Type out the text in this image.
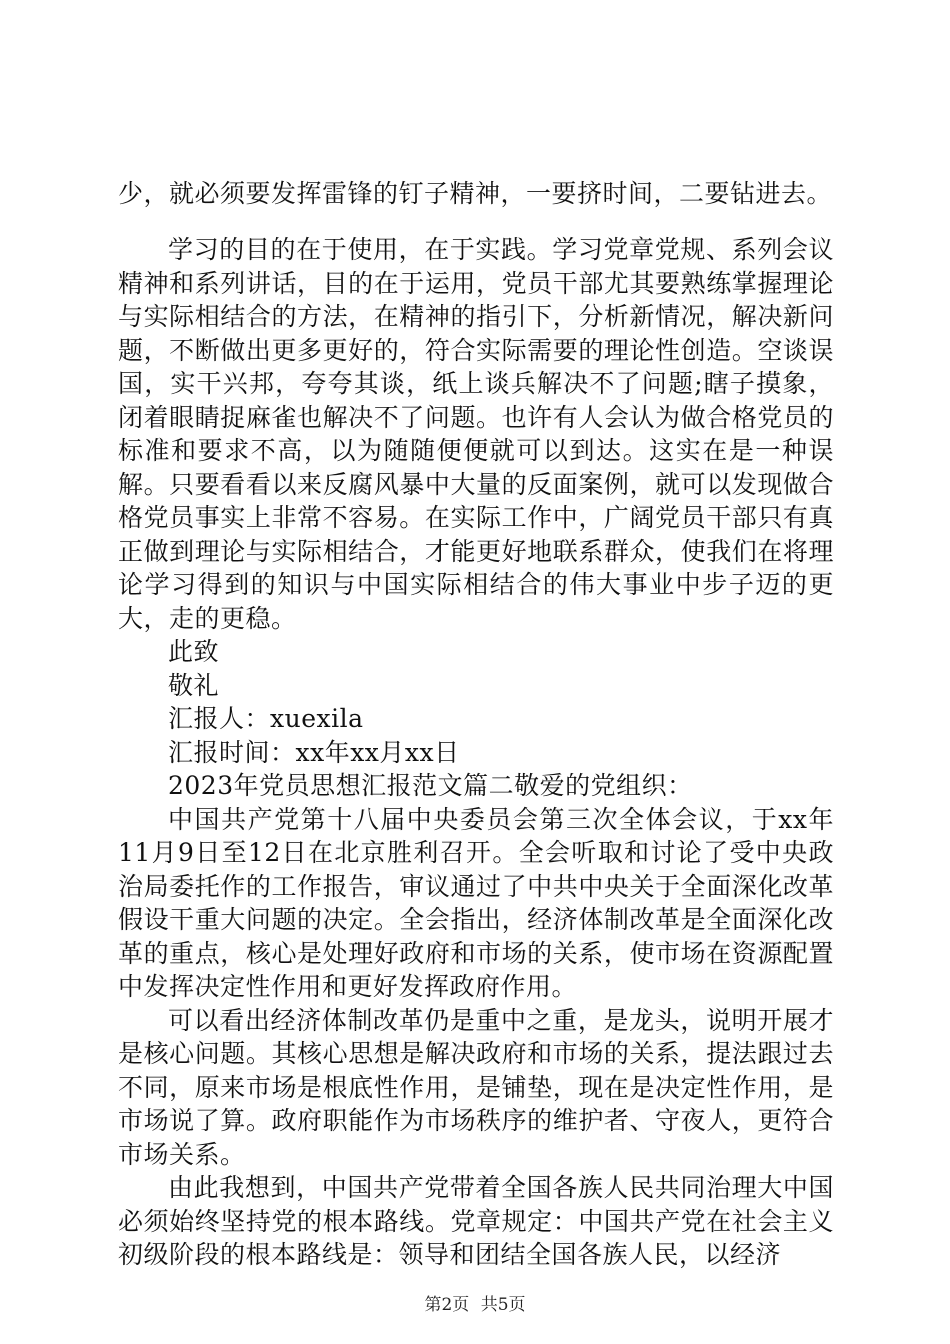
少，就必须要发挥雷锋的钉子精神，一要挤时间，二要钻进去。

学习的目的在于使用，在于实践。学习党章党规、系列会议精神和系列讲话，目的在于运用，党员干部尤其要熟练掌握理论与实际相结合的方法，在精神的指引下，分析新情况，解决新问题，不断做出更多更好的，符合实际需要的理论性创造。空谈误国，实干兴邦，夸夸其谈，纸上谈兵解决不了问题;瞎子摸象，闭着眼睛捉麻雀也解决不了问题。也许有人会认为做合格党员的标准和要求不高，以为随随便便就可以到达。这实在是一种误解。只要看看以来反腐风暴中大量的反面案例，就可以发现做合格党员事实上非常不容易。在实际工作中，广阔党员干部只有真正做到理论与实际相结合，才能更好地联系群众，使我们在将理论学习得到的知识与中国实际相结合的伟大事业中步子迈的更大，走的更稳。

此致

敬礼

汇报人：xuexila

汇报时间：xx年xx月xx日

2023年党员思想汇报范文篇二敬爱的党组织：

中国共产党第十八届中央委员会第三次全体会议，于xx年11月9日至12日在北京胜利召开。全会听取和讨论了受中央政治局委托作的工作报告，审议通过了中共中央关于全面深化改革假设干重大问题的决定。全会指出，经济体制改革是全面深化改革的重点，核心是处理好政府和市场的关系，使市场在资源配置中发挥决定性作用和更好发挥政府作用。

可以看出经济体制改革仍是重中之重，是龙头，说明开展才是核心问题。其核心思想是解决政府和市场的关系，提法跟过去不同，原来市场是根底性作用，是铺垫，现在是决定性作用，是市场说了算。政府职能作为市场秩序的维护者、守夜人，更符合市场关系。

由此我想到，中国共产党带着全国各族人民共同治理大中国必须始终坚持党的根本路线。党章规定：中国共产党在社会主义初级阶段的根本路线是：领导和团结全国各族人民，以经济

第2页 共5页
